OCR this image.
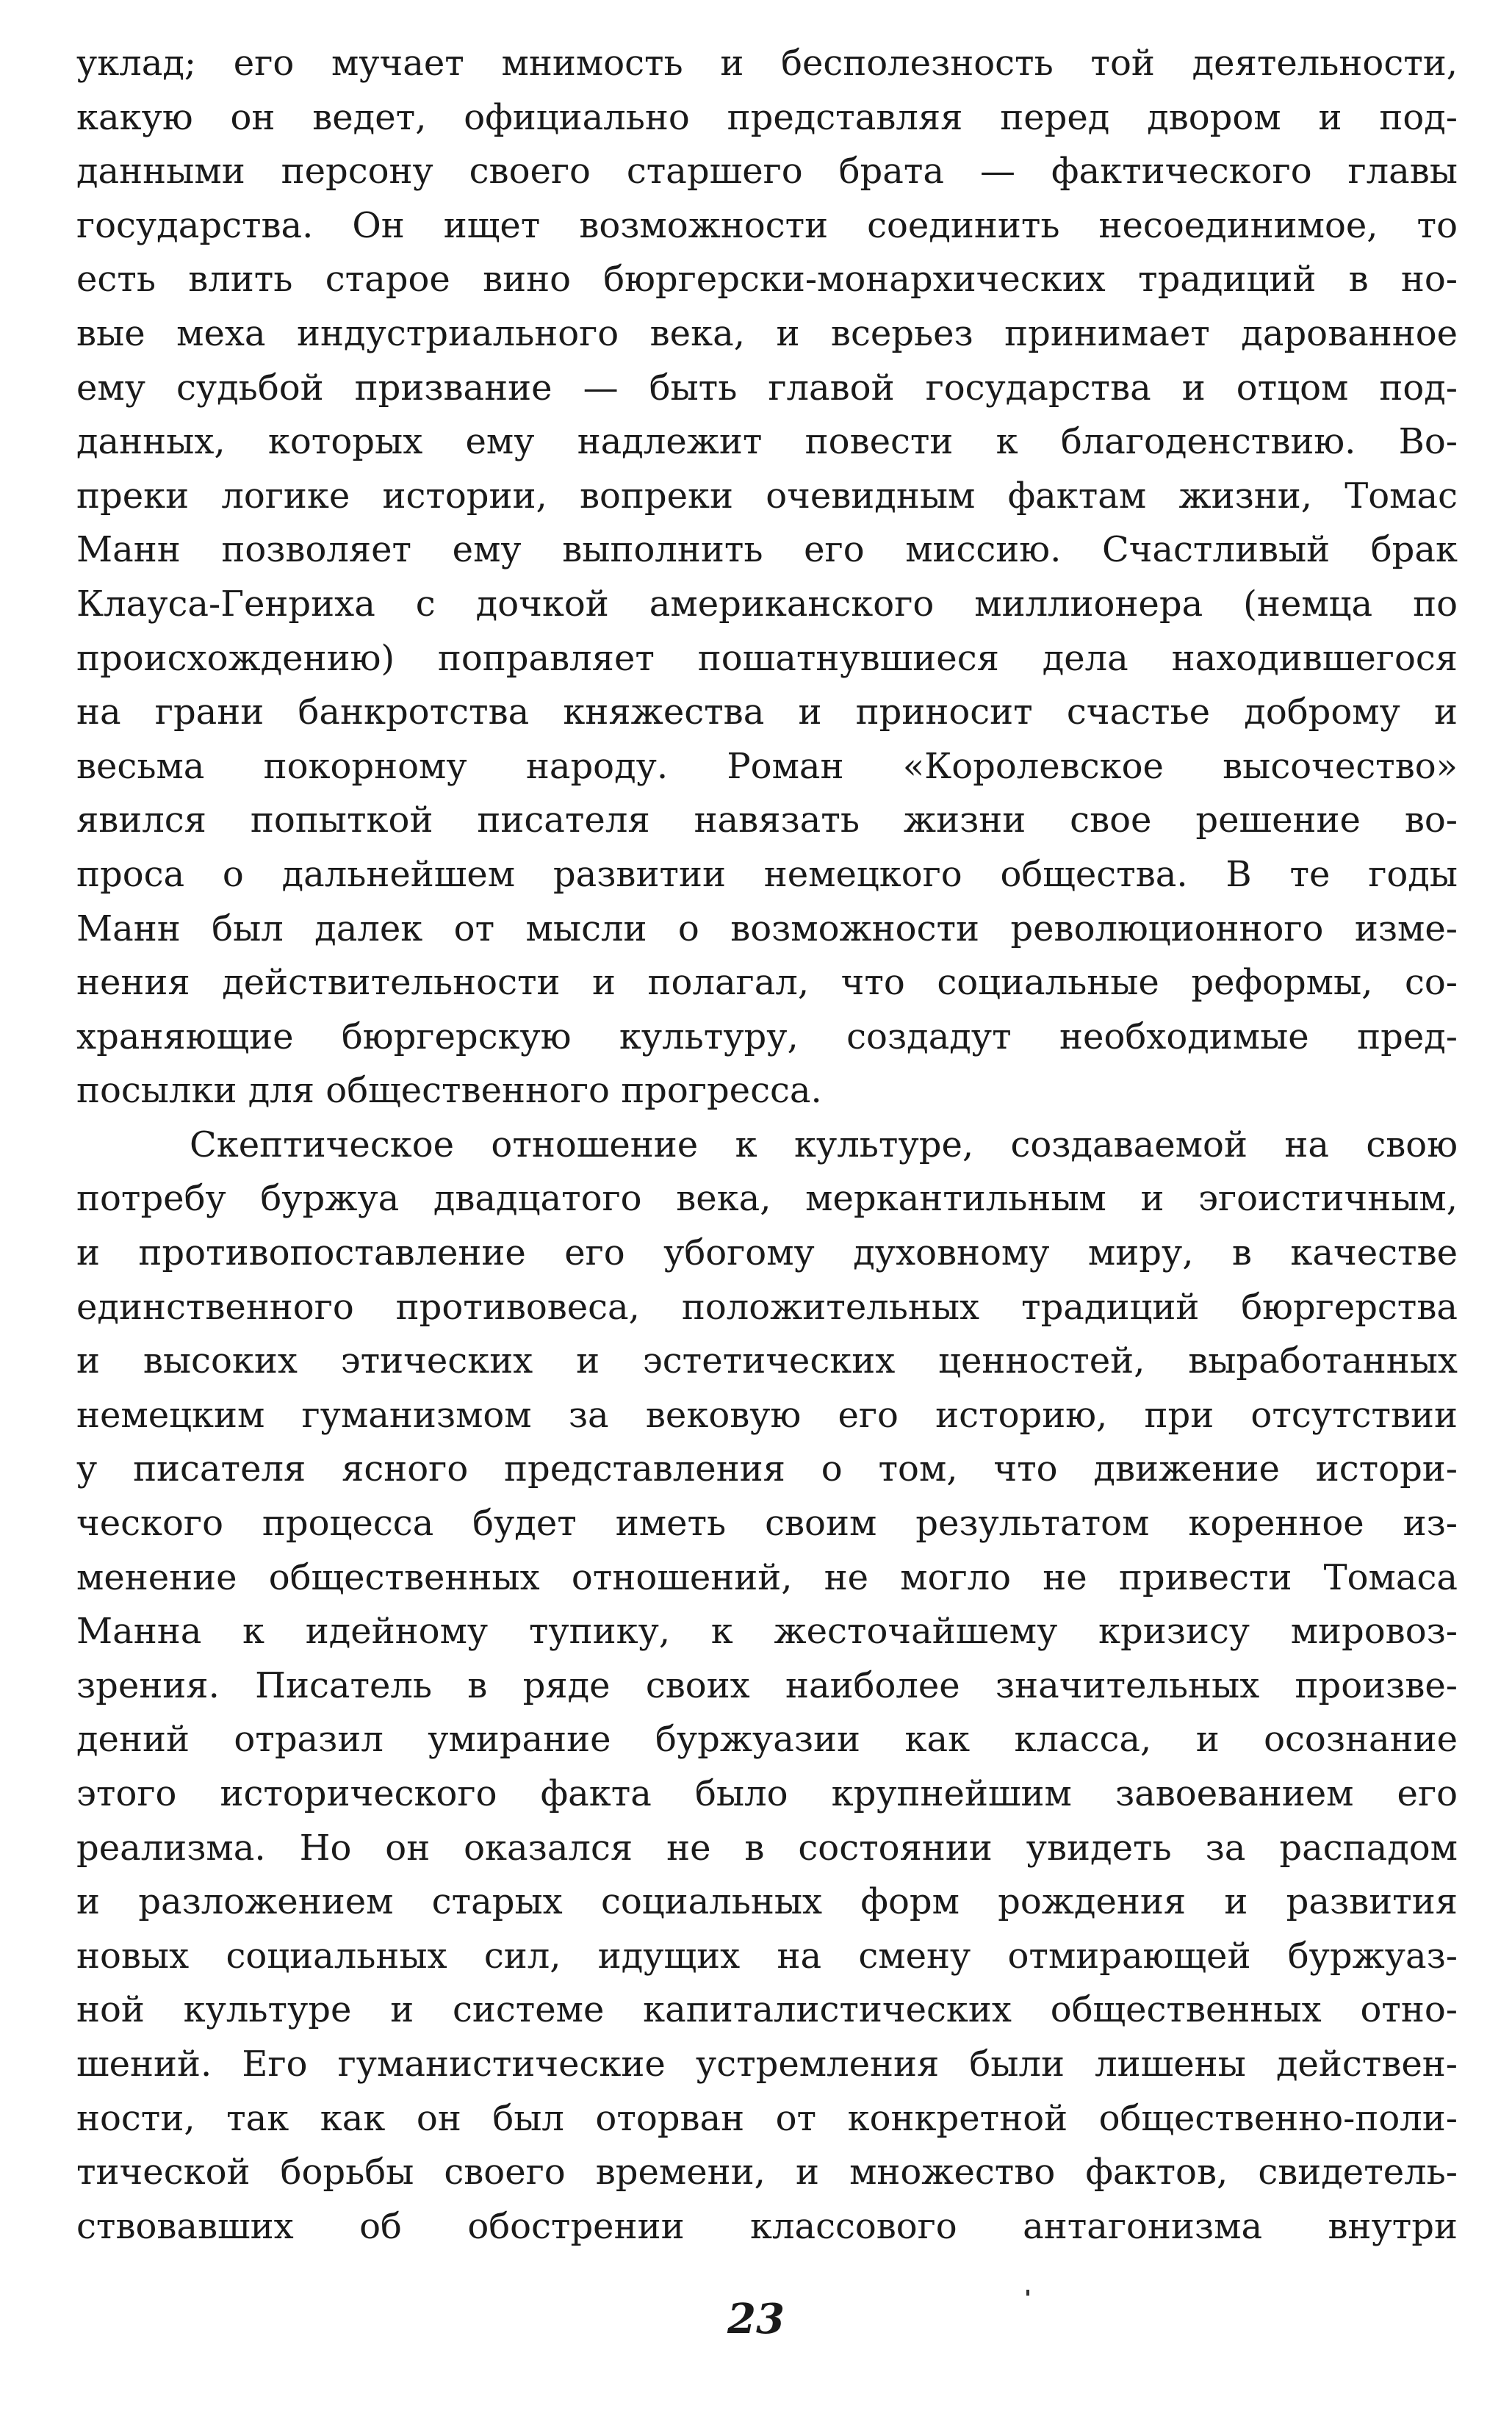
уклад; его мучает мнимость и бесполезность той деятельности,
какую он ведет, официально представляя перед двором и под-
данными персону своего старшего брата — фактического главы
государства. Он ищет возможности соединить несоединимое, то
есть влить старое вино бюргерски-монархических традиций в но-
вые меха индустриального века, и всерьез принимает дарованное
ему судьбой призвание — быть главой государства и отцом под-
данных, которых ему надлежит повести к благоденствию. Во-
преки логике истории, вопреки очевидным фактам жизни, Томас
Манн позволяет ему выполнить его миссию. Счастливый брак
Клауса-Генриха с дочкой американского миллионера (немца по
происхождению) поправляет пошатнувшиеся дела находившегося
на грани банкротства княжества и приносит счастье доброму и
весьма покорному народу. Роман «Королевское высочество»
явился попыткой писателя навязать жизни свое решение во-
проса о дальнейшем развитии немецкого общества. В те годы
Манн был далек от мысли о возможности революционного изме-
нения действительности и полагал, что социальные реформы, со-
храняющие бюргерскую культуру, создадут необходимые пред-
посылки для общественного прогресса.
Скептическое отношение к культуре, создаваемой на свою
потребу буржуа двадцатого века, меркантильным и эгоистичным,
и противопоставление его убогому духовному миру, в качестве
единственного противовеса, положительных традиций бюргерства
и высоких этических и эстетических ценностей, выработанных
немецким гуманизмом за вековую его историю, при отсутствии
у писателя ясного представления о том, что движение истори-
ческого процесса будет иметь своим результатом коренное из-
менение общественных отношений, не могло не привести Томаса
Манна к идейному тупику, к жесточайшему кризису мировоз-
зрения. Писатель в ряде своих наиболее значительных произве-
дений отразил умирание буржуазии как класса, и осознание
этого исторического факта было крупнейшим завоеванием его
реализма. Но он оказался не в состоянии увидеть за распадом
и разложением старых социальных форм рождения и развития
новых социальных сил, идущих на смену отмирающей буржуаз-
ной культуре и системе капиталистических общественных отно-
шений. Его гуманистические устремления были лишены действен-
ности, так как он был оторван от конкретной общественно-поли-
тической борьбы своего времени, и множество фактов, свидетель-
ствовавших об обострении классового антагонизма внутри
23
